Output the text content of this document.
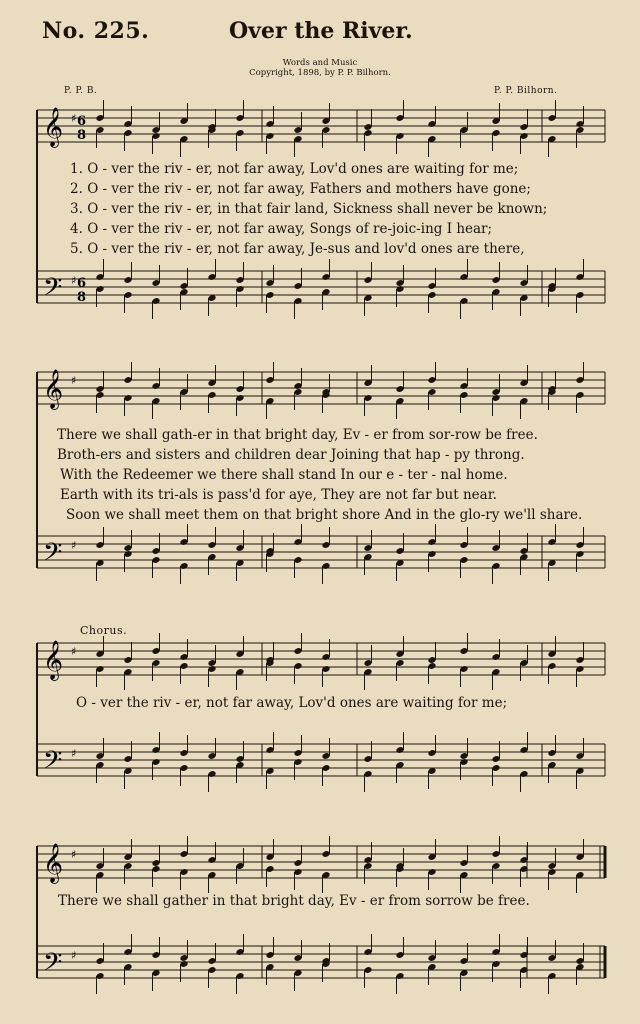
No. 225.	Over the River.
Words and Music
Copyright, 1898, by P. P. Bilhorn.
P. P. B.	P. P. Bilhorn.
𝄞
𝄢
♯ 6
8
♯ 6
8
𝄞
𝄢
♯
♯
𝄞
𝄢
♯
♯
𝄞
𝄢
♯
♯
1. O - ver the riv - er, not far away, Lov'd ones are waiting for me;
2. O - ver the riv - er, not far away, Fathers and mothers have gone;
3. O - ver the riv - er, in that fair land, Sickness shall never be known;
4. O - ver the riv - er, not far away, Songs of re-joic-ing I hear;
5. O - ver the riv - er, not far away, Je-sus and lov'd ones are there,
There we shall gath-er in that bright day, Ev - er from sor-row be free.
Broth-ers and sisters and children dear Joining that hap - py throng.
With the Redeemer we there shall stand In our e - ter - nal home.
Earth with its tri-als is pass'd for aye, They are not far but near.
Soon we shall meet them on that bright shore And in the glo-ry we'll share.
Chorus.
O - ver the riv - er, not far away, Lov'd ones are waiting for me;
There we shall gather in that bright day, Ev - er from sorrow be free.
